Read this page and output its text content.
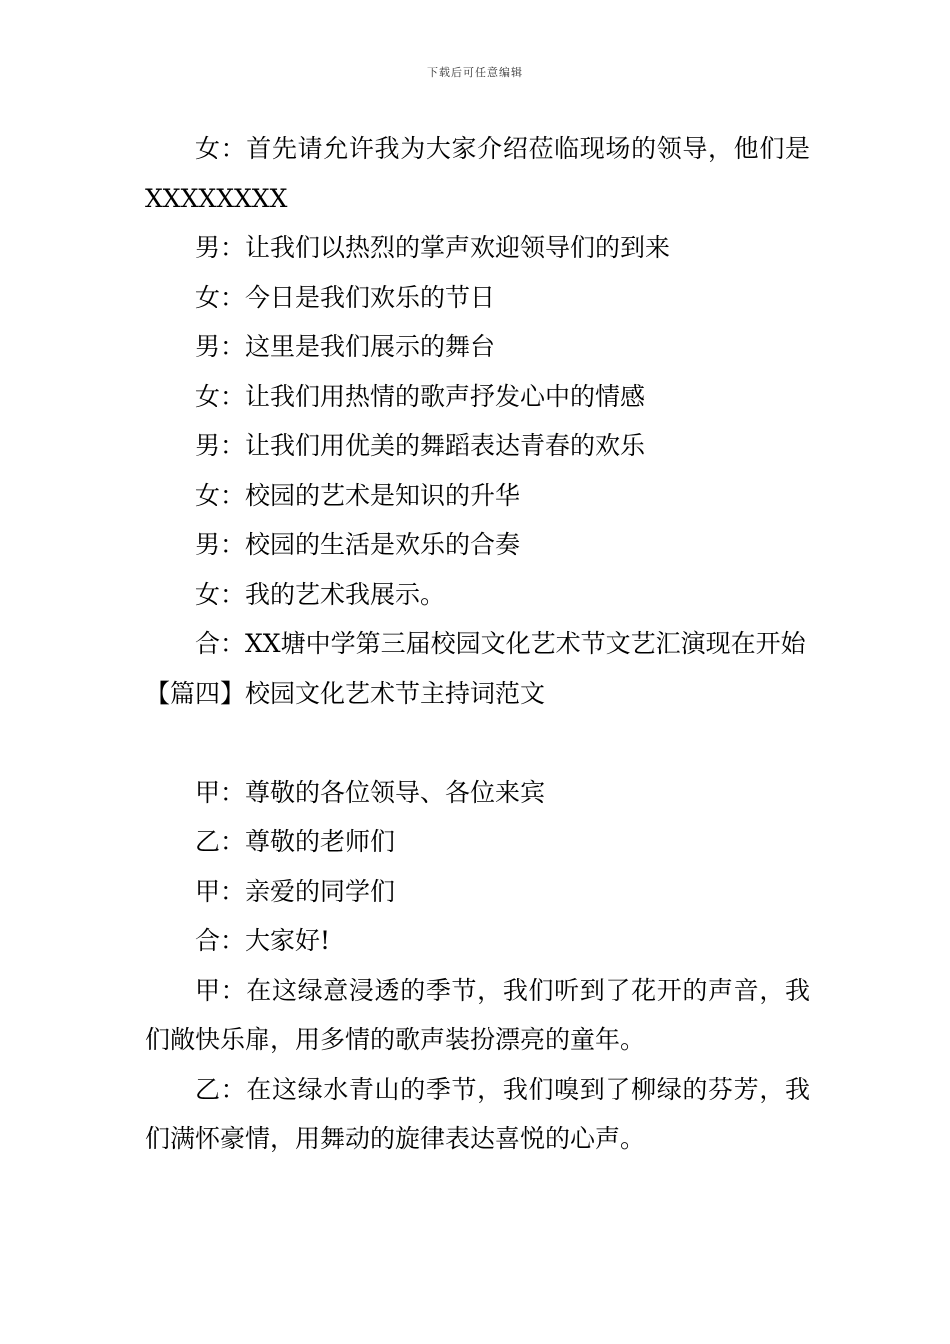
下载后可任意编辑

女：首先请允许我为大家介绍莅临现场的领导，他们是XXXXXXXX

男：让我们以热烈的掌声欢迎领导们的到来

女：今日是我们欢乐的节日

男：这里是我们展示的舞台

女：让我们用热情的歌声抒发心中的情感

男：让我们用优美的舞蹈表达青春的欢乐

女：校园的艺术是知识的升华

男：校园的生活是欢乐的合奏

女：我的艺术我展示。

合：XX塘中学第三届校园文化艺术节文艺汇演现在开始

【篇四】校园文化艺术节主持词范文

甲：尊敬的各位领导、各位来宾

乙：尊敬的老师们

甲：亲爱的同学们

合：大家好!

甲：在这绿意浸透的季节，我们听到了花开的声音，我们敞快乐扉，用多情的歌声装扮漂亮的童年。

乙：在这绿水青山的季节，我们嗅到了柳绿的芬芳，我们满怀豪情，用舞动的旋律表达喜悦的心声。
